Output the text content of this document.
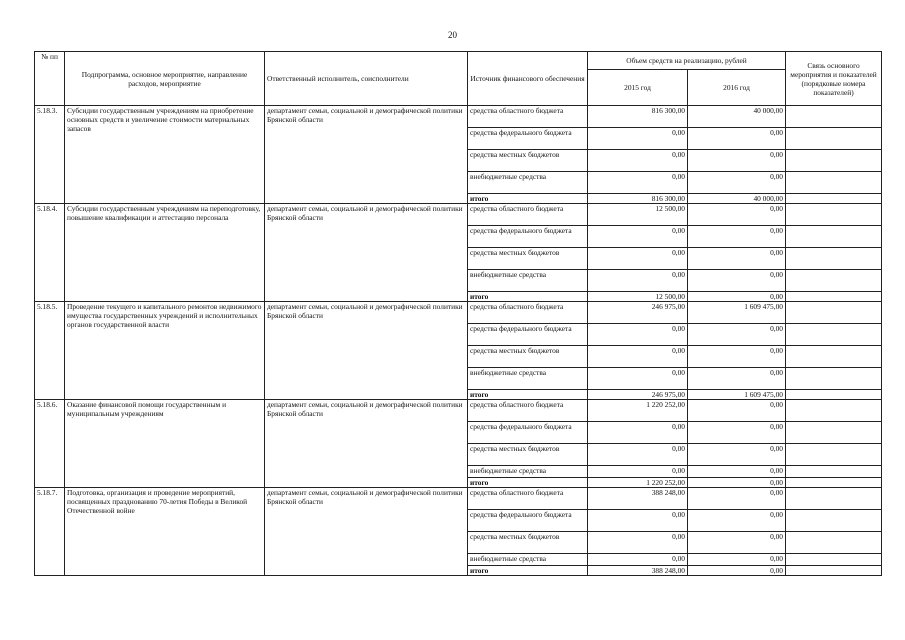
20
№ пп	Подпрограмма, основное мероприятие, направление расходов, мероприятие	Ответственный исполнитель, соисполнители	Источник финансового обеспечения	Объем средств на реализацию, рублей		Связь основного мероприятия и показателей (порядковые номера показателей)
				2015 год	2016 год	
5.18.3.	Субсидии государственным учреждениям на приобретение основных средств и увеличение стоимости материальных запасов	департамент семьи, социальной и демографической политики Брянской области	средства областного бюджета	816 300,00	40 000,00	
			средства федерального бюджета	0,00	0,00	
			средства местных бюджетов	0,00	0,00	
			внебюджетные средства	0,00	0,00	
			итого	816 300,00	40 000,00	
5.18.4.	Субсидии государственным учреждениям на переподготовку, повышение квалификации и аттестацию персонала	департамент семьи, социальной и демографической политики Брянской области	средства областного бюджета	12 500,00	0,00	
			средства федерального бюджета	0,00	0,00	
			средства местных бюджетов	0,00	0,00	
			внебюджетные средства	0,00	0,00	
			итого	12 500,00	0,00	
5.18.5.	Проведение текущего и капитального ремонтов недвижимого имущества государственных учреждений и исполнительных органов государственной власти	департамент семьи, социальной и демографической политики Брянской области	средства областного бюджета	246 975,00	1 609 475,00	
			средства федерального бюджета	0,00	0,00	
			средства местных бюджетов	0,00	0,00	
			внебюджетные средства	0,00	0,00	
			итого	246 975,00	1 609 475,00	
5.18.6.	Оказание финансовой помощи государственным и муниципальным учреждениям	департамент семьи, социальной и демографической политики Брянской области	средства областного бюджета	1 220 252,00	0,00	
			средства федерального бюджета	0,00	0,00	
			средства местных бюджетов	0,00	0,00	
			внебюджетные средства	0,00	0,00	
			итого	1 220 252,00	0,00	
5.18.7.	Подготовка, организация и проведение мероприятий, посвященных празднованию 70-летия Победы в Великой Отечественной войне	департамент семьи, социальной и демографической политики Брянской области	средства областного бюджета	388 248,00	0,00	
			средства федерального бюджета	0,00	0,00	
			средства местных бюджетов	0,00	0,00	
			внебюджетные средства	0,00	0,00	
			итого	388 248,00	0,00	
